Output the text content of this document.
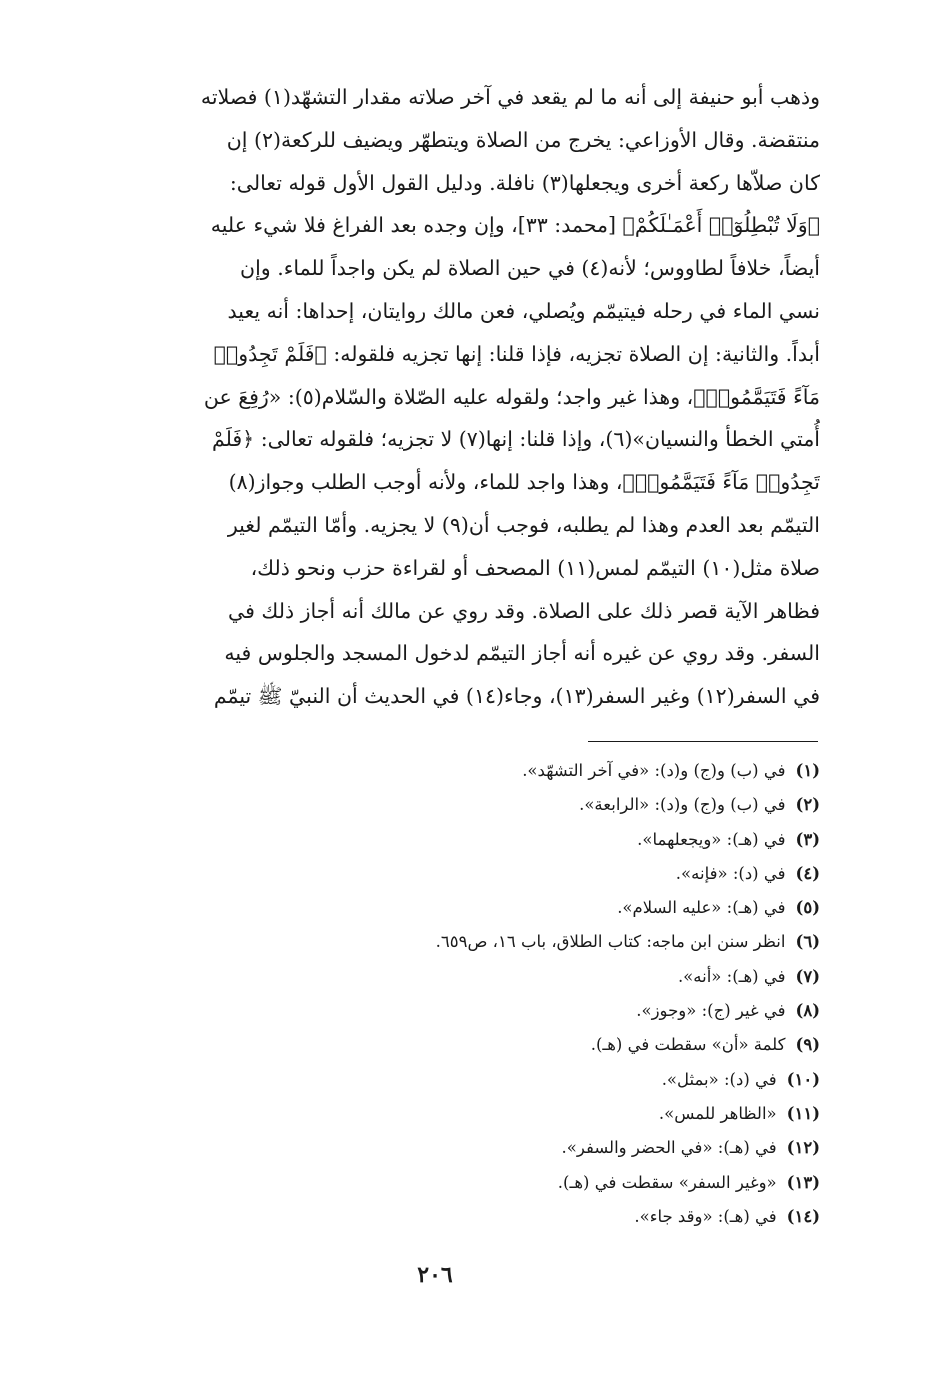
وذهب أبو حنيفة إلى أنه ما لم يقعد في آخر صلاته مقدار التشهّد(١) فصلاته
منتقضة. وقال الأوزاعي: يخرج من الصلاة ويتطهّر ويضيف للركعة(٢) إن
كان صلاّها ركعة أخرى ويجعلها(٣) نافلة. ودليل القول الأول قوله تعالى:
﴿وَلَا تُبْطِلُوٓا۟ أَعْمَـٰلَكُمْ﴾ [محمد: ٣٣]، وإن وجده بعد الفراغ فلا شيء عليه
أيضاً، خلافاً لطاووس؛ لأنه(٤) في حين الصلاة لم يكن واجداً للماء. وإن
نسي الماء في رحله فيتيمّم ويُصلي، فعن مالك روايتان، إحداها: أنه يعيد
أبداً. والثانية: إن الصلاة تجزيه، فإذا قلنا: إنها تجزيه فلقوله: ﴿فَلَمْ تَجِدُوا۟
مَآءً فَتَيَمَّمُوا۟﴾، وهذا غير واجد؛ ولقوله عليه الصّلاة والسّلام(٥): «رُفِعَ عن
أُمتي الخطأ والنسيان»(٦)، وإذا قلنا: إنها(٧) لا تجزيه؛ فلقوله تعالى: ﴿فَلَمْ
تَجِدُوا۟ مَآءً فَتَيَمَّمُوا۟﴾، وهذا واجد للماء، ولأنه أوجب الطلب وجواز(٨)
التيمّم بعد العدم وهذا لم يطلبه، فوجب أن(٩) لا يجزيه. وأمّا التيمّم لغير
صلاة مثل(١٠) التيمّم لمس(١١) المصحف أو لقراءة حزب ونحو ذلك،
فظاهر الآية قصر ذلك على الصلاة. وقد روي عن مالك أنه أجاز ذلك في
السفر. وقد روي عن غيره أنه أجاز التيمّم لدخول المسجد والجلوس فيه
في السفر(١٢) وغير السفر(١٣)، وجاء(١٤) في الحديث أن النبيّ ﷺ تيمّم
(١)في (ب) و(ج) و(د): «في آخر التشهّد».
(٢)في (ب) و(ج) و(د): «الرابعة».
(٣)في (هـ): «ويجعلهما».
(٤)في (د): «فإنه».
(٥)في (هـ): «عليه السلام».
(٦)انظر سنن ابن ماجه: كتاب الطلاق، باب ١٦، ص٦٥٩.
(٧)في (هـ): «أنه».
(٨)في غير (ج): «وجوز».
(٩)كلمة «أن» سقطت في (هـ).
(١٠)في (د): «بمثل».
(١١)«الظاهر للمس».
(١٢)في (هـ): «في الحضر والسفر».
(١٣)«وغير السفر» سقطت في (هـ).
(١٤)في (هـ): «وقد جاء».
٢٠٦
